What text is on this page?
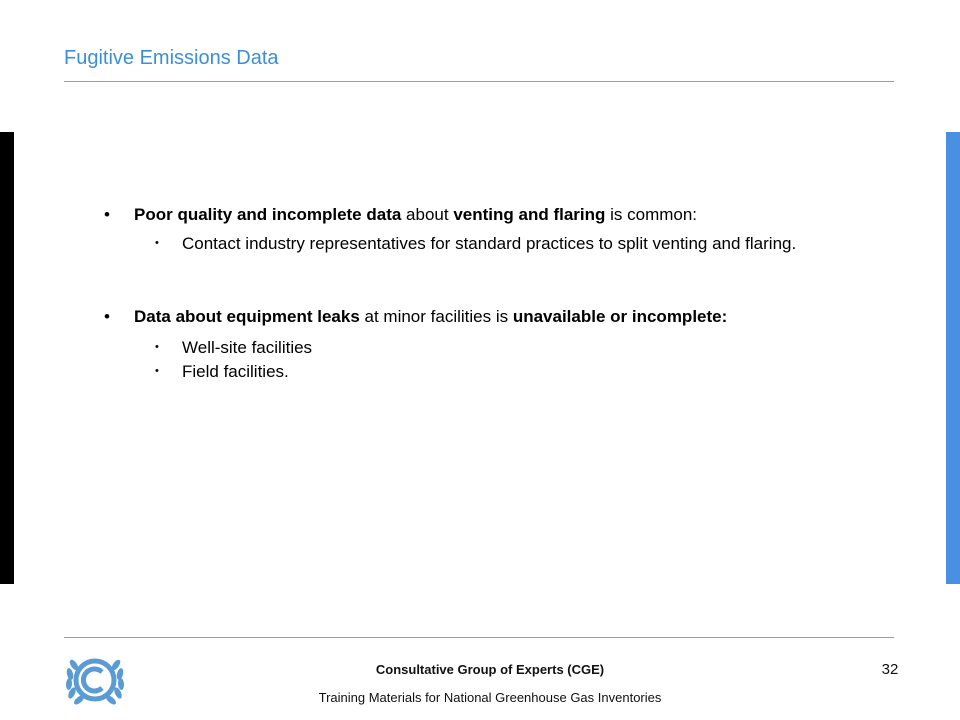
Fugitive Emissions Data
• Poor quality and incomplete data about venting and flaring is common:
• Contact industry representatives for standard practices to split venting and flaring.
• Data about equipment leaks at minor facilities is unavailable or incomplete:
• Well-site facilities
• Field facilities.
Consultative Group of Experts (CGE)
Training Materials for National Greenhouse Gas Inventories
32
